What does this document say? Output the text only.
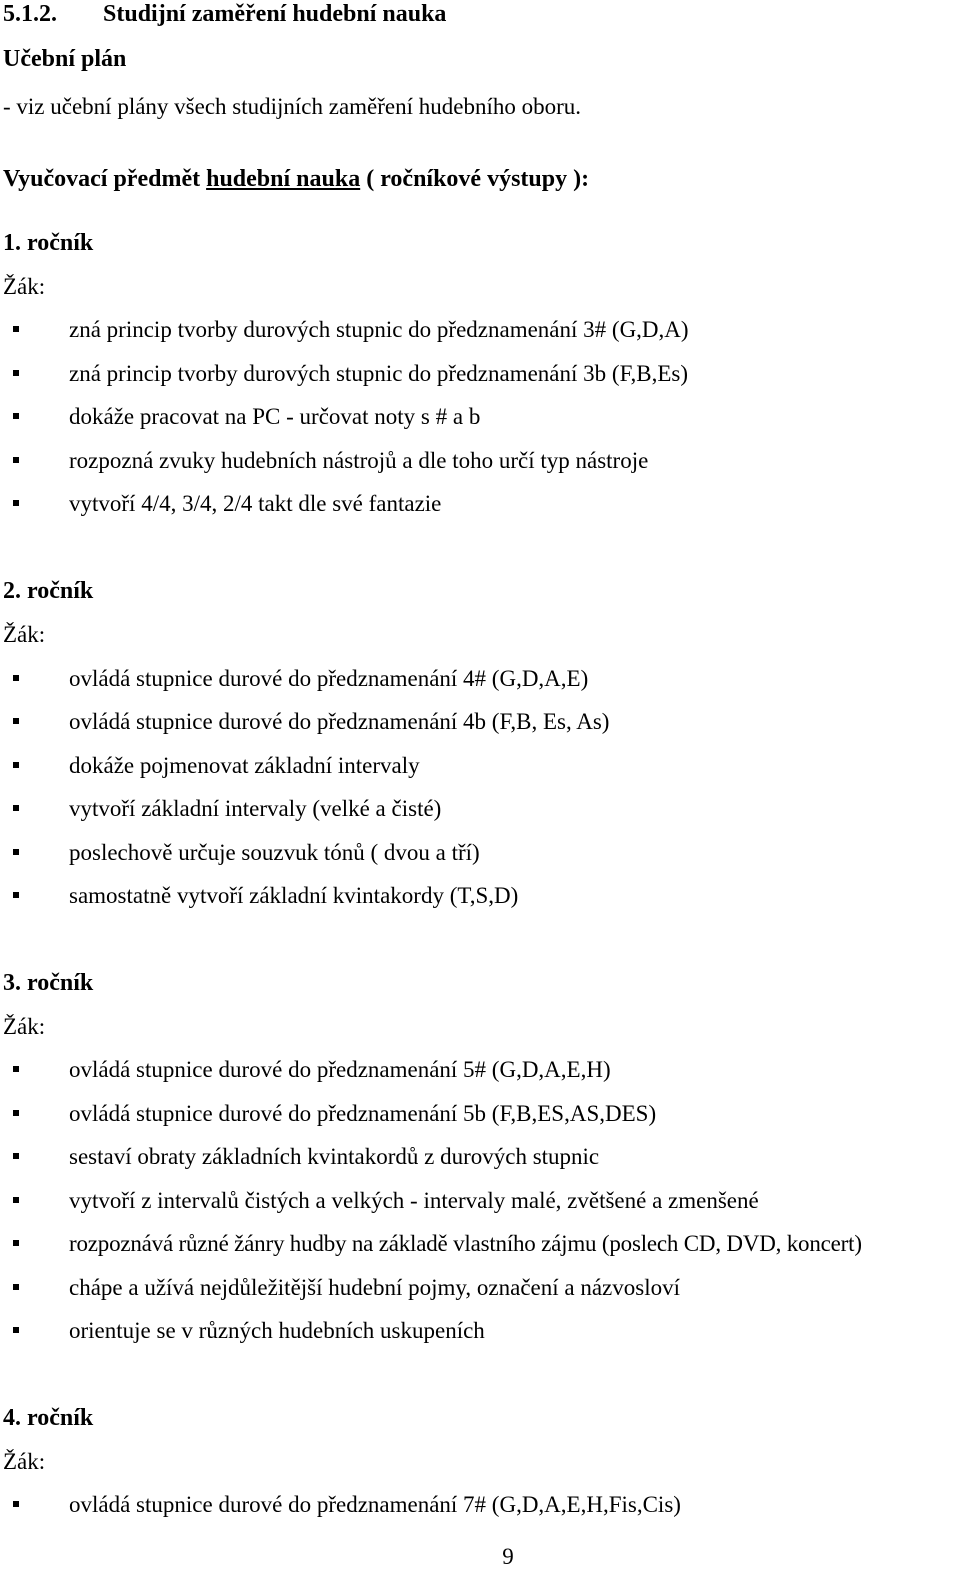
5.1.2. Studijní zaměření hudební nauka
Učební plán
- viz učební plány všech studijních zaměření hudebního oboru.
Vyučovací předmět hudební nauka ( ročníkové výstupy ):
1. ročník
Žák:
zná princip tvorby durových stupnic do předznamenání 3# (G,D,A)
zná princip tvorby durových stupnic do předznamenání 3b (F,B,Es)
dokáže pracovat na PC - určovat noty s # a b
rozpozná zvuky hudebních nástrojů a dle toho určí typ nástroje
vytvoří 4/4, 3/4, 2/4 takt dle své fantazie
2. ročník
Žák:
ovládá stupnice durové do předznamenání 4# (G,D,A,E)
ovládá stupnice durové do předznamenání 4b (F,B, Es, As)
dokáže pojmenovat základní intervaly
vytvoří základní intervaly (velké a čisté)
poslechově určuje souzvuk tónů ( dvou a tří)
samostatně vytvoří základní kvintakordy (T,S,D)
3. ročník
Žák:
ovládá stupnice durové do předznamenání 5# (G,D,A,E,H)
ovládá stupnice durové do předznamenání 5b (F,B,ES,AS,DES)
sestaví obraty základních kvintakordů z durových stupnic
vytvoří z intervalů čistých a velkých - intervaly malé, zvětšené a zmenšené
rozpoznává různé žánry hudby na základě vlastního zájmu (poslech CD, DVD, koncert)
chápe a užívá nejdůležitější hudební pojmy, označení a názvosloví
orientuje se v různých hudebních uskupeních
4. ročník
Žák:
ovládá stupnice durové do předznamenání 7# (G,D,A,E,H,Fis,Cis)
9
